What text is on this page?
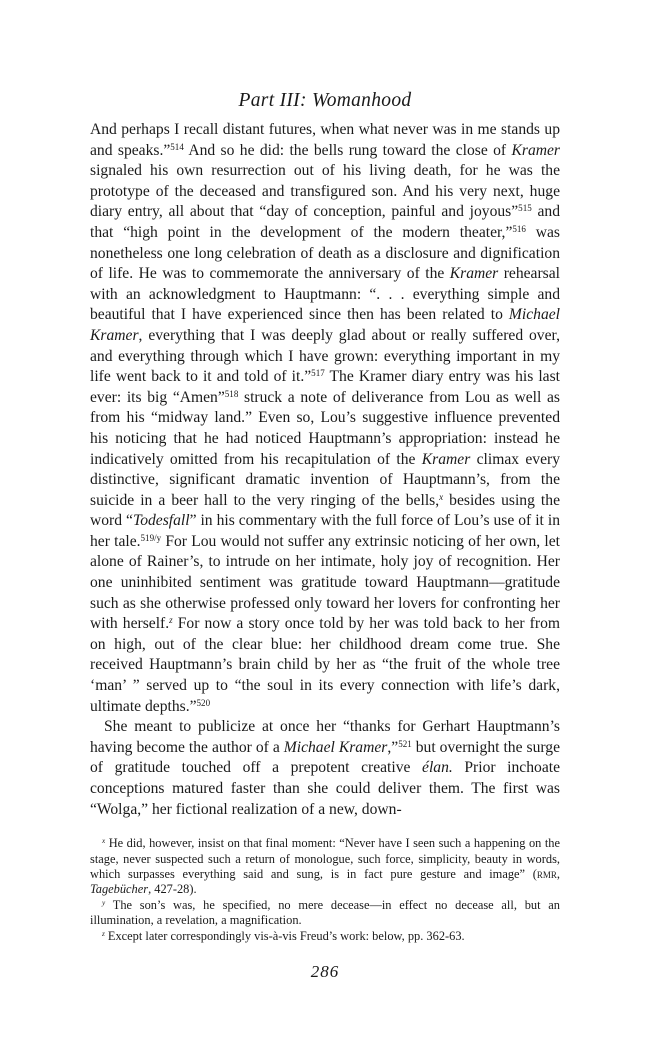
Part III: Womanhood

And perhaps I recall distant futures, when what never was in me stands up and speaks.”$^{514}$ And so he did: the bells rung toward the close of Kramer signaled his own resurrection out of his living death, for he was the prototype of the deceased and transfigured son. And his very next, huge diary entry, all about that “day of conception, painful and joyous”$^{515}$ and that “high point in the development of the modern theater,”$^{516}$ was nonetheless one long celebration of death as a disclosure and dignification of life. He was to commemorate the anniversary of the Kramer rehearsal with an acknowledgment to Hauptmann: “. . . everything simple and beautiful that I have experienced since then has been related to Michael Kramer, everything that I was deeply glad about or really suffered over, and everything through which I have grown: everything important in my life went back to it and told of it.”$^{517}$ The Kramer diary entry was his last ever: its big “Amen”$^{518}$ struck a note of deliverance from Lou as well as from his “midway land.” Even so, Lou’s suggestive influence prevented his noticing that he had noticed Hauptmann’s appropriation: instead he indicatively omitted from his recapitulation of the Kramer climax every distinctive, significant dramatic invention of Hauptmann’s, from the suicide in a beer hall to the very ringing of the bells,$^x$ besides using the word “Todesfall” in his commentary with the full force of Lou’s use of it in her tale.$^{519/y}$ For Lou would not suffer any extrinsic noticing of her own, let alone of Rainer’s, to intrude on her intimate, holy joy of recognition. Her one uninhibited sentiment was gratitude toward Hauptmann—gratitude such as she otherwise professed only toward her lovers for confronting her with herself.$^z$ For now a story once told by her was told back to her from on high, out of the clear blue: her childhood dream come true. She received Hauptmann’s brain child by her as “the fruit of the whole tree ‘man’ ” served up to “the soul in its every connection with life’s dark, ultimate depths.”$^{520}$

She meant to publicize at once her “thanks for Gerhart Hauptmann’s having become the author of a Michael Kramer,”$^{521}$ but overnight the surge of gratitude touched off a prepotent creative élan. Prior inchoate conceptions matured faster than she could deliver them. The first was “Wolga,” her fictional realization of a new, down-

$^x$ He did, however, insist on that final moment: “Never have I seen such a happening on the stage, never suspected such a return of monologue, such force, simplicity, beauty in words, which surpasses everything said and sung, is in fact pure gesture and image” (rmr, Tagebücher, 427-28).

$^y$ The son’s was, he specified, no mere decease—in effect no decease all, but an illumination, a revelation, a magnification.

$^z$ Except later correspondingly vis-à-vis Freud’s work: below, pp. 362-63.

286
